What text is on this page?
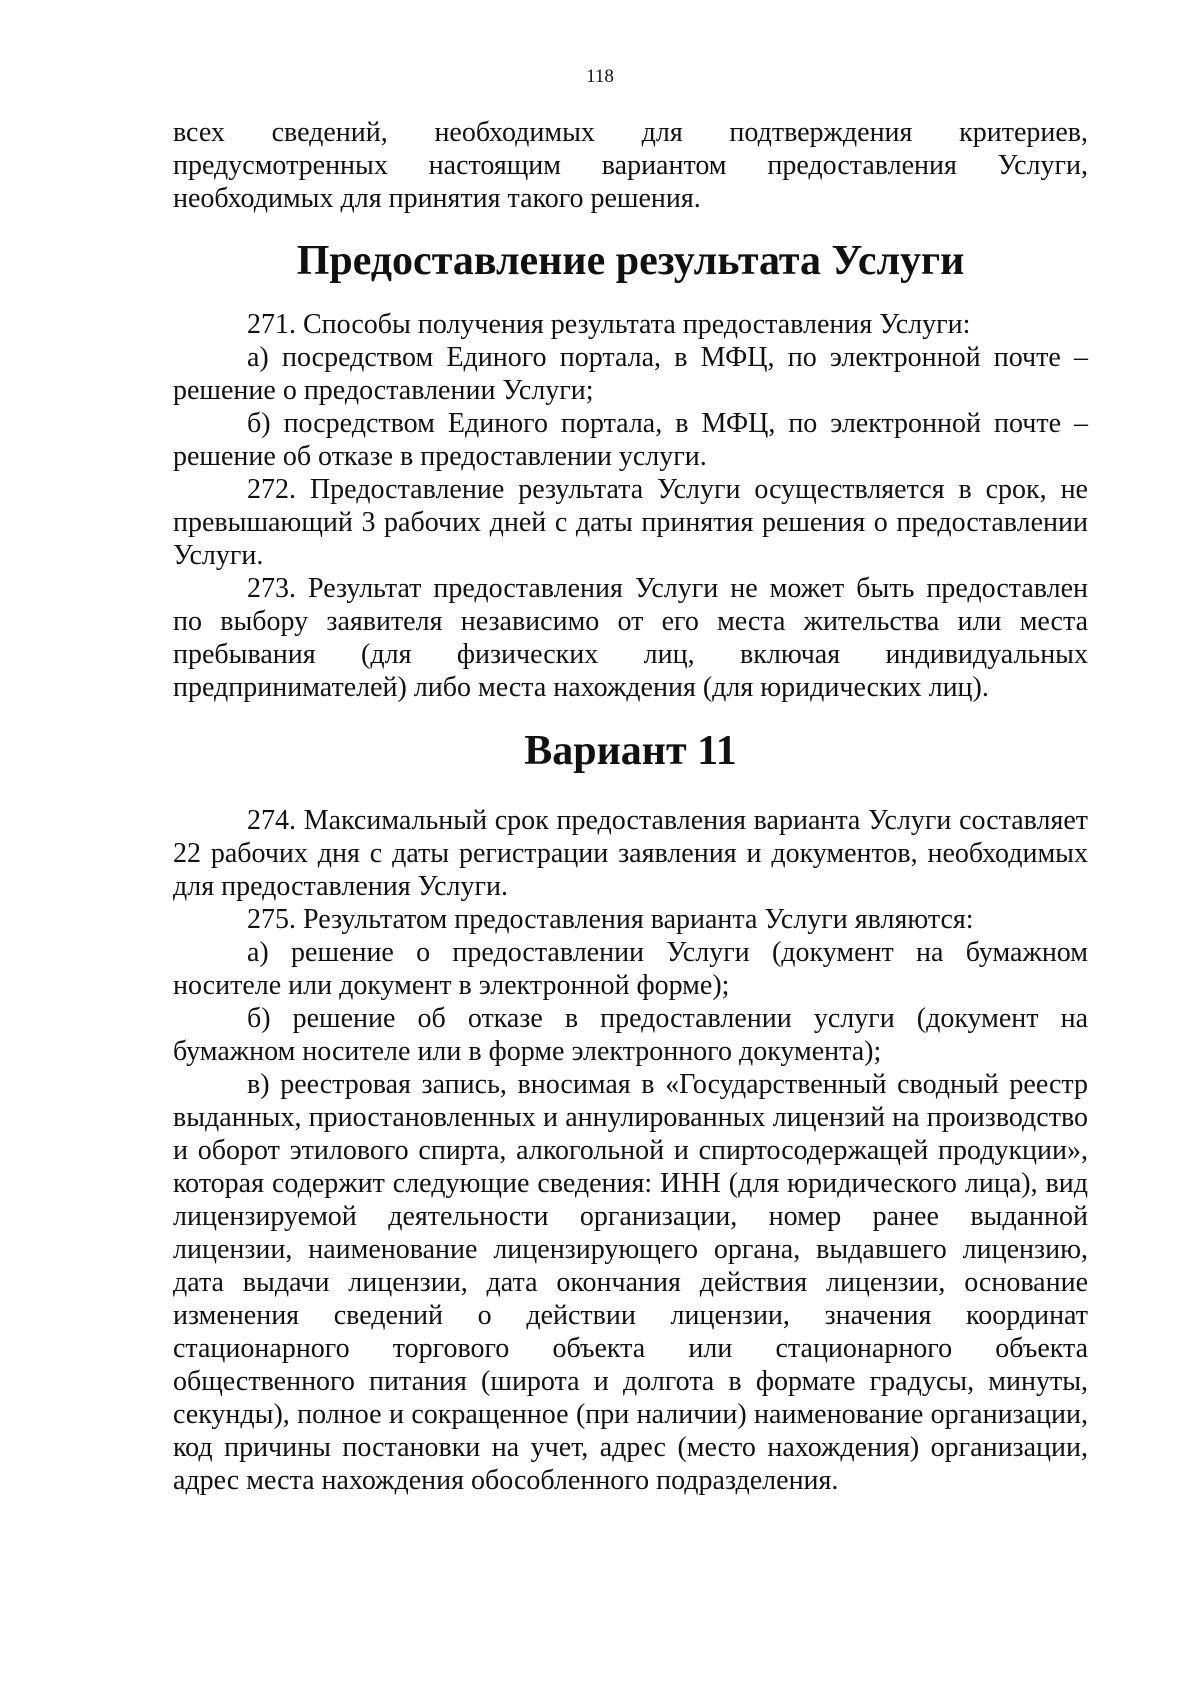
118

всех сведений, необходимых для подтверждения критериев, предусмотренных настоящим вариантом предоставления Услуги, необходимых для принятия такого решения.

Предоставление результата Услуги

271. Способы получения результата предоставления Услуги:

а) посредством Единого портала, в МФЦ, по электронной почте – решение о предоставлении Услуги;

б) посредством Единого портала, в МФЦ, по электронной почте – решение об отказе в предоставлении услуги.

272. Предоставление результата Услуги осуществляется в срок, не превышающий 3 рабочих дней с даты принятия решения о предоставлении Услуги.

273. Результат предоставления Услуги не может быть предоставлен по выбору заявителя независимо от его места жительства или места пребывания (для физических лиц, включая индивидуальных предпринимателей) либо места нахождения (для юридических лиц).

Вариант 11

274. Максимальный срок предоставления варианта Услуги составляет 22 рабочих дня с даты регистрации заявления и документов, необходимых для предоставления Услуги.

275. Результатом предоставления варианта Услуги являются:

а) решение о предоставлении Услуги (документ на бумажном носителе или документ в электронной форме);

б) решение об отказе в предоставлении услуги (документ на бумажном носителе или в форме электронного документа);

в) реестровая запись, вносимая в «Государственный сводный реестр выданных, приостановленных и аннулированных лицензий на производство и оборот этилового спирта, алкогольной и спиртосодержащей продукции», которая содержит следующие сведения: ИНН (для юридического лица), вид лицензируемой деятельности организации, номер ранее выданной лицензии, наименование лицензирующего органа, выдавшего лицензию, дата выдачи лицензии, дата окончания действия лицензии, основание изменения сведений о действии лицензии, значения координат стационарного торгового объекта или стационарного объекта общественного питания (широта и долгота в формате градусы, минуты, секунды), полное и сокращенное (при наличии) наименование организации, код причины постановки на учет, адрес (место нахождения) организации, адрес места нахождения обособленного подразделения.
